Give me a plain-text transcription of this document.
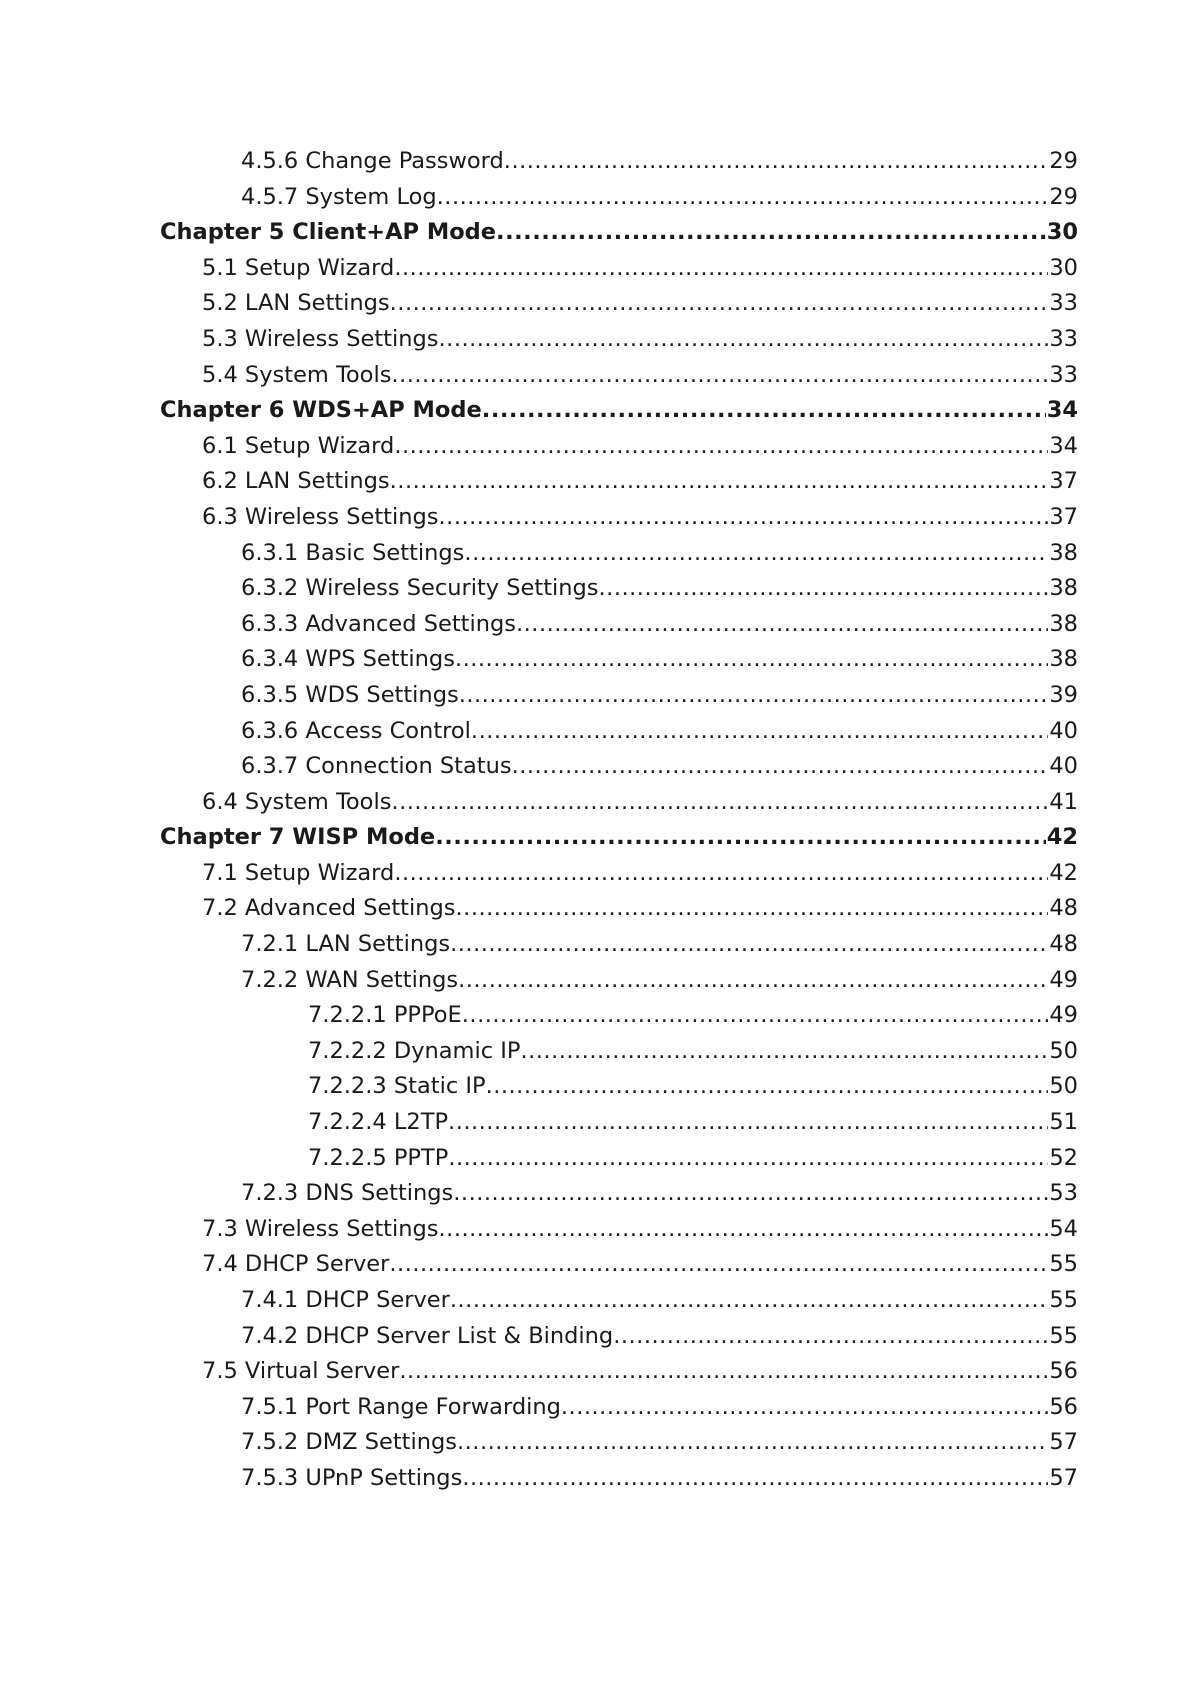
4.5.6 Change Password .....	29
4.5.7 System Log .....	29
Chapter 5 Client+AP Mode .....	30
5.1 Setup Wizard .....	30
5.2 LAN Settings .....	33
5.3 Wireless Settings .....	33
5.4 System Tools .....	33
Chapter 6 WDS+AP Mode .....	34
6.1 Setup Wizard .....	34
6.2 LAN Settings .....	37
6.3 Wireless Settings .....	37
6.3.1 Basic Settings .....	38
6.3.2 Wireless Security Settings .....	38
6.3.3 Advanced Settings .....	38
6.3.4 WPS Settings .....	38
6.3.5 WDS Settings .....	39
6.3.6 Access Control .....	40
6.3.7 Connection Status .....	40
6.4 System Tools .....	41
Chapter 7 WISP Mode .....	42
7.1 Setup Wizard .....	42
7.2 Advanced Settings .....	48
7.2.1 LAN Settings .....	48
7.2.2 WAN Settings .....	49
7.2.2.1 PPPoE .....	49
7.2.2.2 Dynamic IP .....	50
7.2.2.3 Static IP .....	50
7.2.2.4 L2TP .....	51
7.2.2.5 PPTP .....	52
7.2.3 DNS Settings .....	53
7.3 Wireless Settings .....	54
7.4 DHCP Server .....	55
7.4.1 DHCP Server .....	55
7.4.2 DHCP Server List & Binding .....	55
7.5 Virtual Server .....	56
7.5.1 Port Range Forwarding .....	56
7.5.2 DMZ Settings .....	57
7.5.3 UPnP Settings .....	57
